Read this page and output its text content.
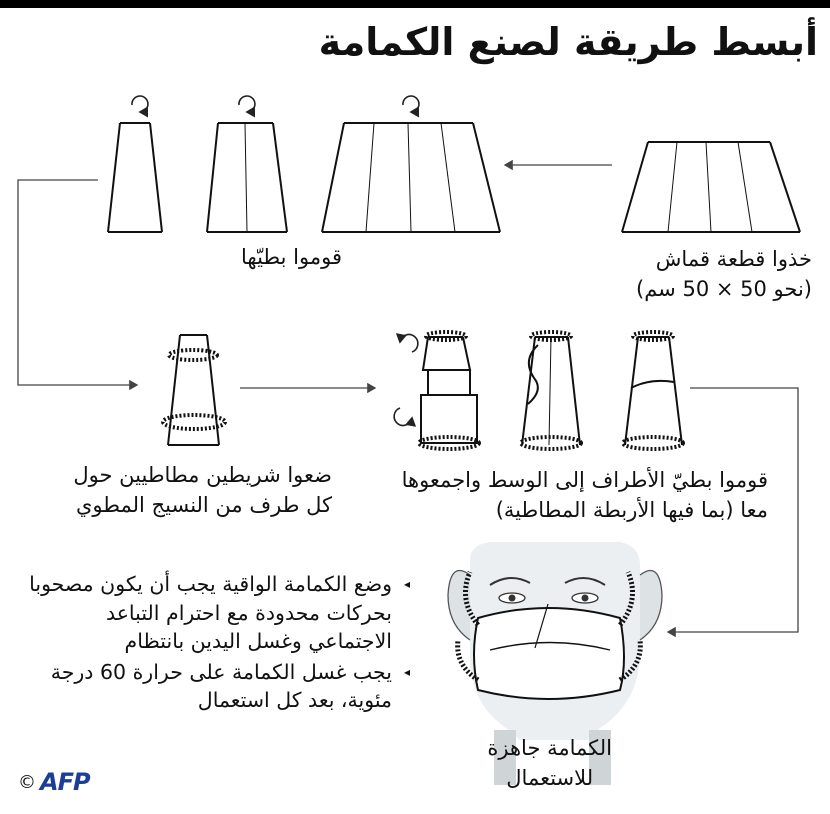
أبسط طريقة لصنع الكمامة
خذوا قطعة قماش
(نحو 50 × 50 سم)
قوموا بطيّها
ضعوا شريطين مطاطيين حول
كل طرف من النسيج المطوي
قوموا بطيّ الأطراف إلى الوسط واجمعوها
معا (بما فيها الأربطة المطاطية)
الكمامة جاهزة
للاستعمال
◂
وضع الكمامة الواقية يجب أن يكون مصحوبا بحركات محدودة مع احترام التباعد الاجتماعي وغسل اليدين بانتظام
◂
يجب غسل الكمامة على حرارة 60 درجة مئوية، بعد كل استعمال
© AFP
